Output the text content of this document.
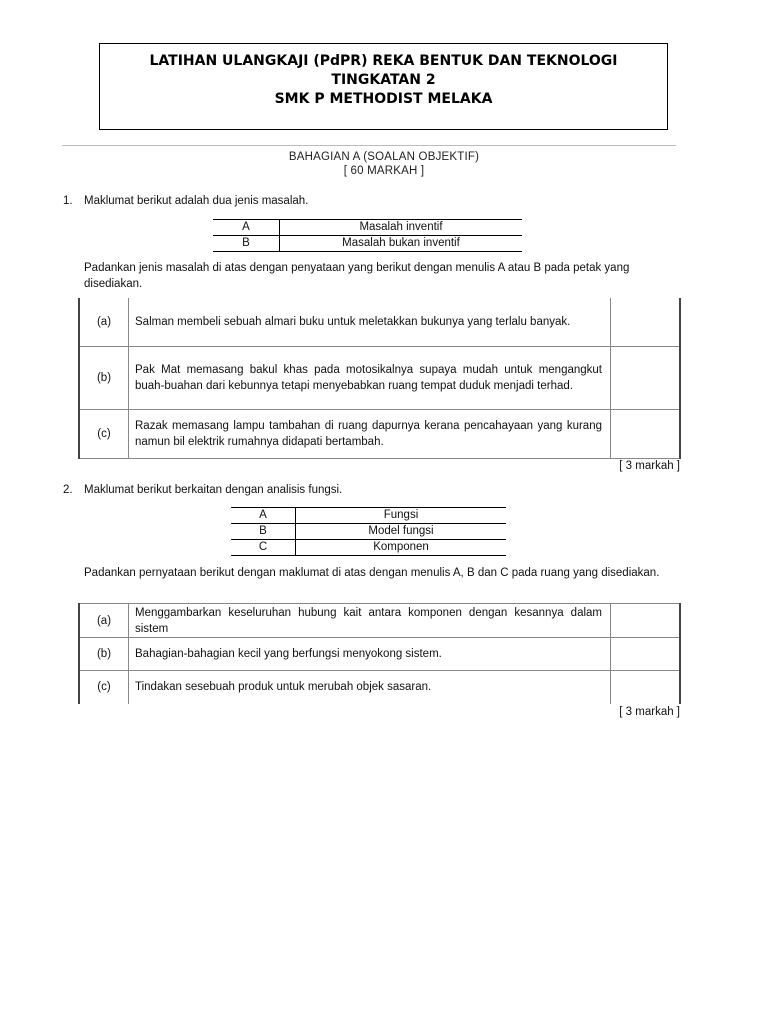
LATIHAN ULANGKAJI (PdPR) REKA BENTUK DAN TEKNOLOGI
TINGKATAN 2
SMK P METHODIST MELAKA
BAHAGIAN A (SOALAN OBJEKTIF)
[ 60 MARKAH ]
1. Maklumat berikut adalah dua jenis masalah.
A	Masalah inventif
B	Masalah bukan inventif
Padankan jenis masalah di atas dengan penyataan yang berikut dengan menulis A atau B pada petak yang disediakan.
(a)	Salman membeli sebuah almari buku untuk meletakkan bukunya yang terlalu banyak.	
(b)	Pak Mat memasang bakul khas pada motosikalnya supaya mudah untuk mengangkut buah-buahan dari kebunnya tetapi menyebabkan ruang tempat duduk menjadi terhad.	
(c)	Razak memasang lampu tambahan di ruang dapurnya kerana pencahayaan yang kurang namun bil elektrik rumahnya didapati bertambah.	
[ 3 markah ]
2. Maklumat berikut berkaitan dengan analisis fungsi.
A	Fungsi
B	Model fungsi
C	Komponen
Padankan pernyataan berikut dengan maklumat di atas dengan menulis A, B dan C pada ruang yang disediakan.
(a)	Menggambarkan keseluruhan hubung kait antara komponen dengan kesannya dalam sistem	
(b)	Bahagian-bahagian kecil yang berfungsi menyokong sistem.	
(c)	Tindakan sesebuah produk untuk merubah objek sasaran.	
[ 3 markah ]
